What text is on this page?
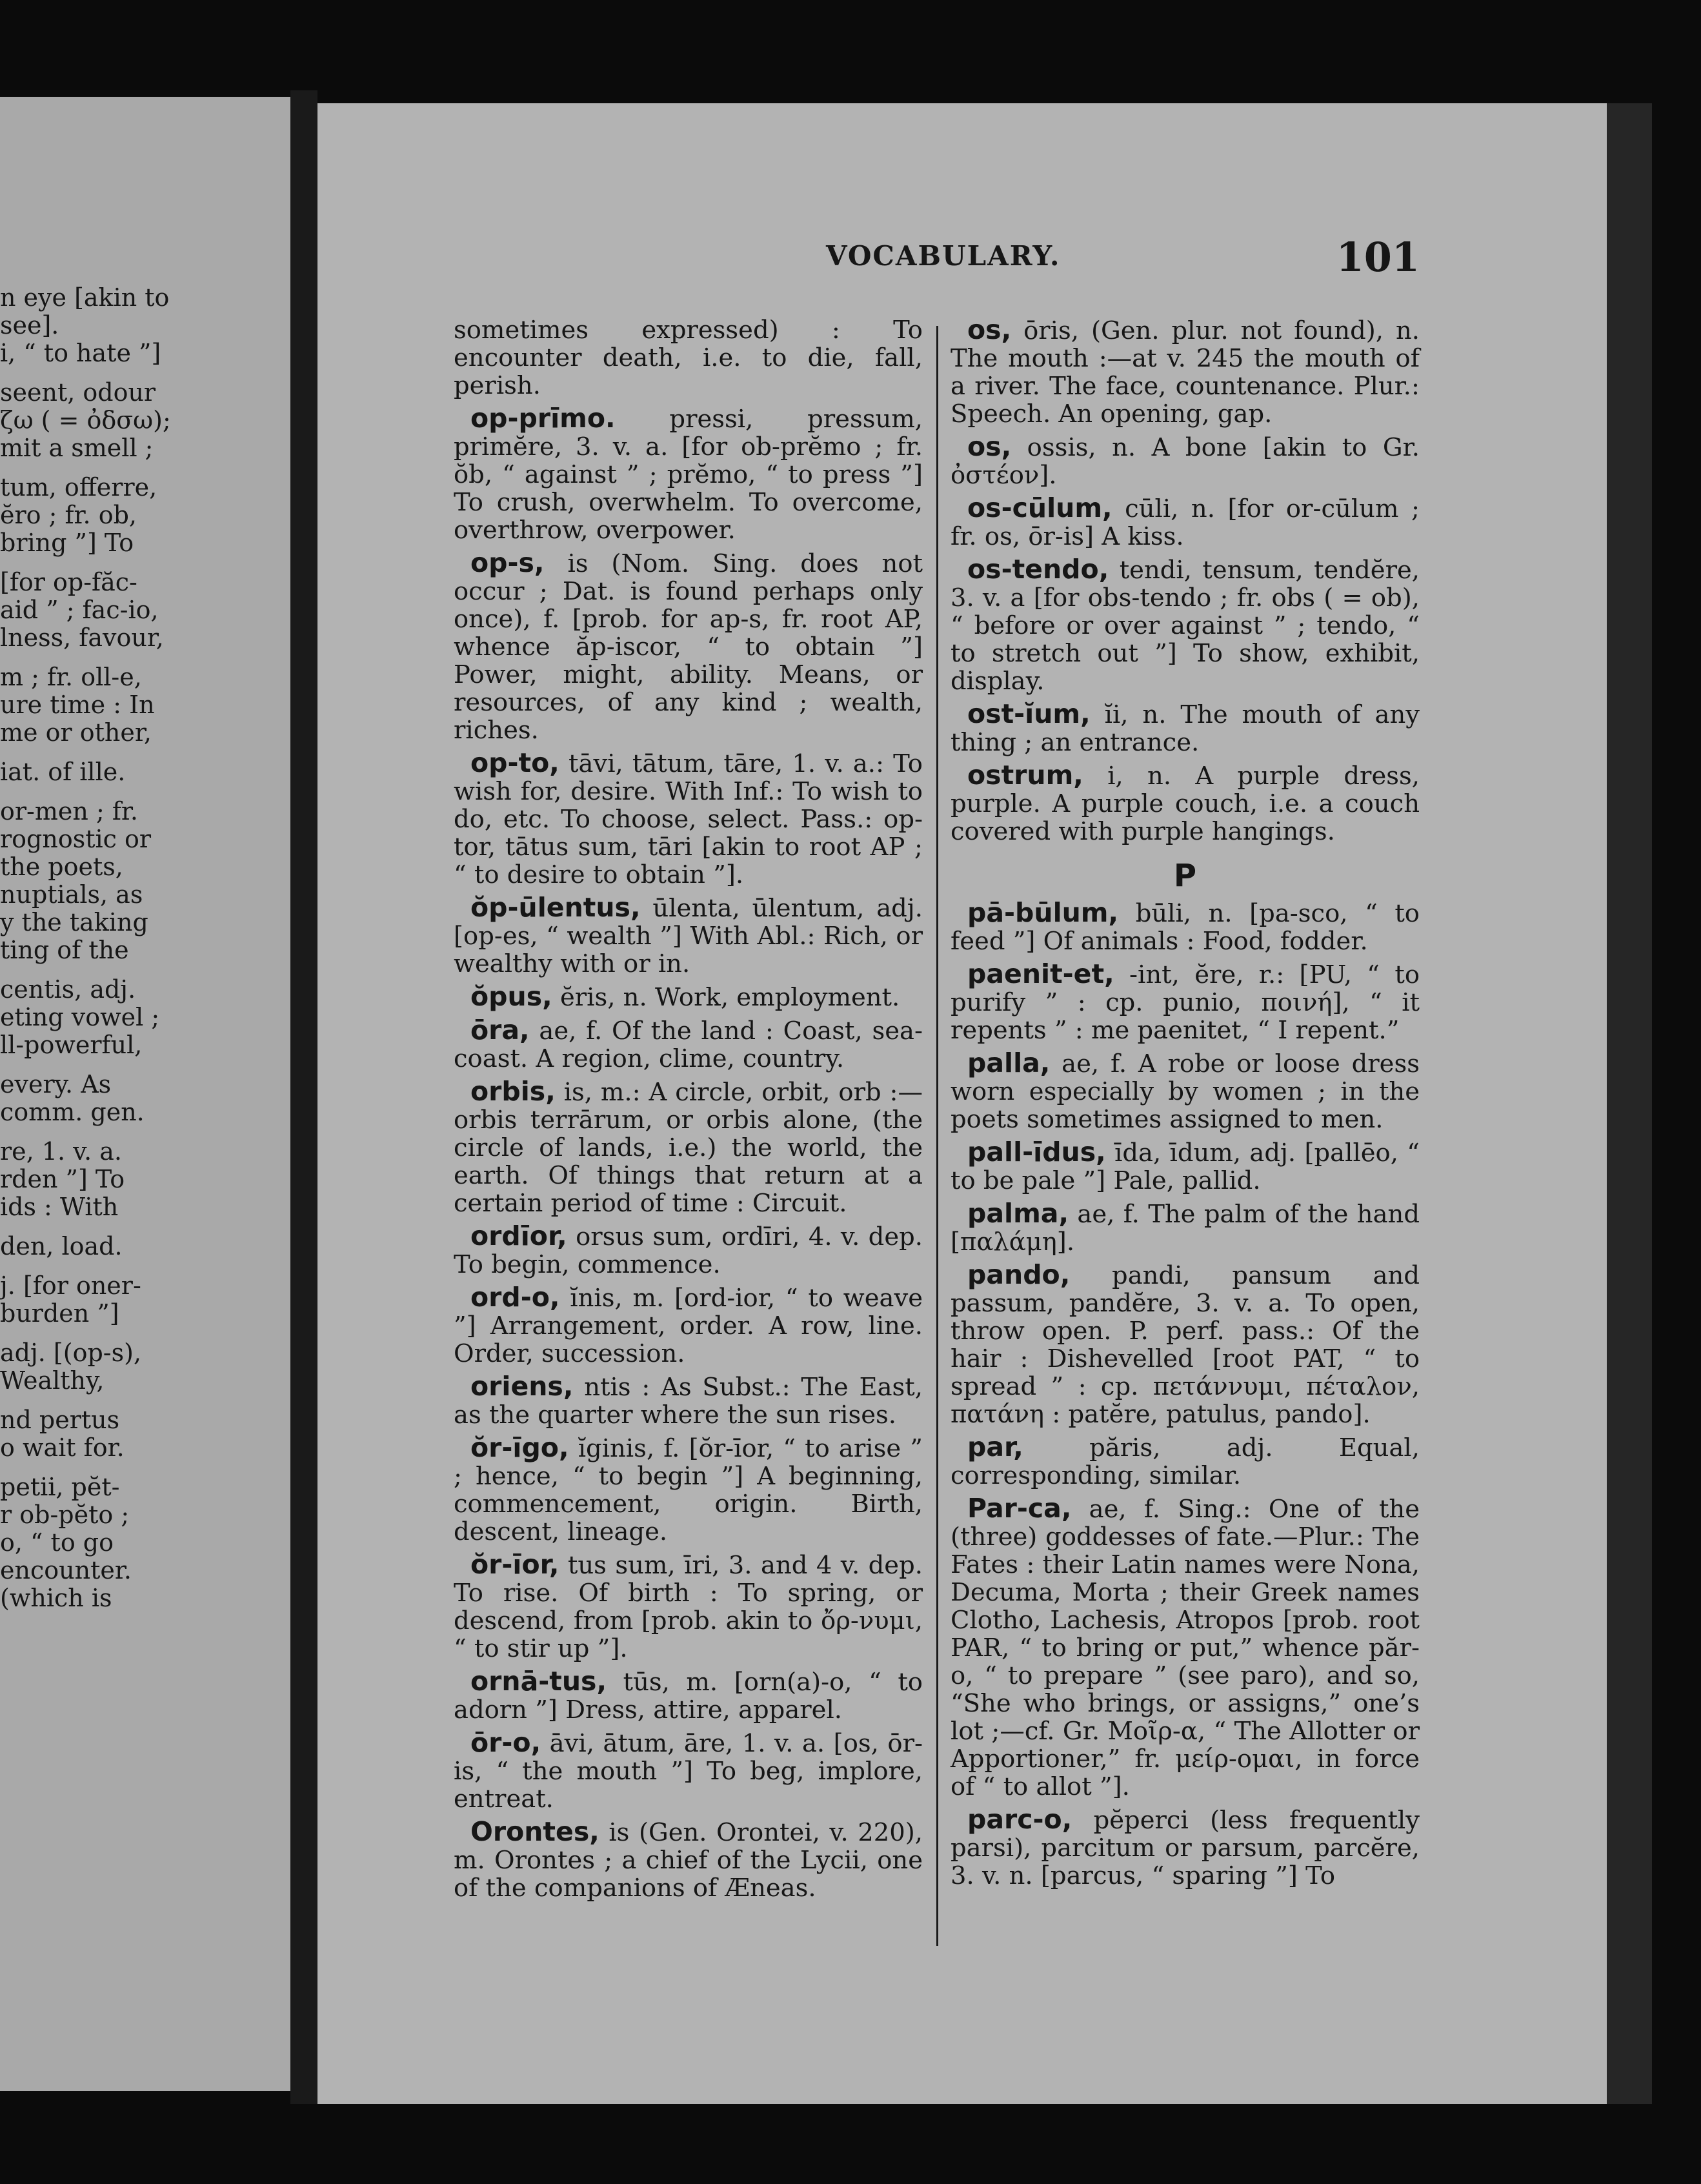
n eye [akin to

see].

i, “ to hate ”]

seent, odour

ζω ( = ὀδσω);

mit a smell ;

tum, offerre,

ĕro ; fr. ob,

bring ”] To

[for op-făc-

aid ” ; fac-io,

lness, favour,

m ; fr. oll-e,

ure time : In

me or other,

iat. of ille.

or-men ; fr.

rognostic or

the poets,

nuptials, as

y the taking

ting of the

centis, adj.

eting vowel ;

ll-powerful,

every. As

comm. gen.

re, 1. v. a.

rden ”] To

ids : With

den, load.

j. [for oner-

burden ”]

adj. [(op-s),

Wealthy,

nd pertus

o wait for.

petii, pĕt-

r ob-pĕto ;

o, “ to go

encounter.

(which is

VOCABULARY.	101

sometimes expressed) : To encounter death, i.e. to die, fall, perish.

op-prīmo. pressi, pressum, primĕre, 3. v. a. [for ob-prĕmo ; fr. ŏb, “ against ” ; prĕmo, “ to press ”] To crush, overwhelm. To overcome, overthrow, overpower.

op-s, is (Nom. Sing. does not occur ; Dat. is found perhaps only once), f. [prob. for ap-s, fr. root AP, whence ăp-iscor, “ to obtain ”] Power, might, ability. Means, or resources, of any kind ; wealth, riches.

op-to, tāvi, tātum, tāre, 1. v. a.: To wish for, desire. With Inf.: To wish to do, etc. To choose, select. Pass.: op-tor, tātus sum, tāri [akin to root AP ; “ to desire to obtain ”].

ŏp-ūlentus, ūlenta, ūlentum, adj. [op-es, “ wealth ”] With Abl.: Rich, or wealthy with or in.

ŏpus, ĕris, n. Work, employment.

ōra, ae, f. Of the land : Coast, sea-coast. A region, clime, country.

orbis, is, m.: A circle, orbit, orb :—orbis terrārum, or orbis alone, (the circle of lands, i.e.) the world, the earth. Of things that return at a certain period of time : Circuit.

ordīor, orsus sum, ordīri, 4. v. dep. To begin, commence.

ord-o, ĭnis, m. [ord-ior, “ to weave ”] Arrangement, order. A row, line. Order, succession.

oriens, ntis : As Subst.: The East, as the quarter where the sun rises.

ŏr-īgo, ĭginis, f. [ŏr-īor, “ to arise ” ; hence, “ to begin ”] A beginning, commencement, origin. Birth, descent, lineage.

ŏr-īor, tus sum, īri, 3. and 4 v. dep. To rise. Of birth : To spring, or descend, from [prob. akin to ὄρ-νυμι, “ to stir up ”].

ornā-tus, tūs, m. [orn(a)-o, “ to adorn ”] Dress, attire, apparel.

ōr-o, āvi, ātum, āre, 1. v. a. [os, ōr-is, “ the mouth ”] To beg, implore, entreat.

Orontes, is (Gen. Orontei, v. 220), m. Orontes ; a chief of the Lycii, one of the companions of Æneas.

os, ōris, (Gen. plur. not found), n. The mouth :—at v. 245 the mouth of a river. The face, countenance. Plur.: Speech. An opening, gap.

os, ossis, n. A bone [akin to Gr. ὀστέον].

os-cūlum, cūli, n. [for or-cūlum ; fr. os, ōr-is] A kiss.

os-tendo, tendi, tensum, tendĕre, 3. v. a [for obs-tendo ; fr. obs ( = ob), “ before or over against ” ; tendo, “ to stretch out ”] To show, exhibit, display.

ost-ĭum, ĭi, n. The mouth of any thing ; an entrance.

ostrum, i, n. A purple dress, purple. A purple couch, i.e. a couch covered with purple hangings.

P

pā-būlum, būli, n. [pa-sco, “ to feed ”] Of animals : Food, fodder.

paenit-et, -int, ĕre, r.: [PU, “ to purify ” : cp. punio, ποινή], “ it repents ” : me paenitet, “ I repent.”

palla, ae, f. A robe or loose dress worn especially by women ; in the poets sometimes assigned to men.

pall-īdus, īda, īdum, adj. [pallēo, “ to be pale ”] Pale, pallid.

palma, ae, f. The palm of the hand [παλάμη].

pando, pandi, pansum and passum, pandĕre, 3. v. a. To open, throw open. P. perf. pass.: Of the hair : Dishevelled [root PAT, “ to spread ” : cp. πετάννυμι, πέταλον, πατάνη : patĕre, patulus, pando].

par,	păris, adj. Equal, corresponding, similar.

Par-ca, ae, f. Sing.: One of the (three) goddesses of fate.—Plur.: The Fates : their Latin names were Nona, Decuma, Morta ; their Greek names Clotho, Lachesis, Atropos [prob. root PAR, “ to bring or put,” whence păr-o, “ to prepare ” (see paro), and so, “She who brings, or assigns,” one’s lot ;—cf. Gr. Μοῖρ-α, “ The Allotter or Apportioner,” fr. μείρ-ομαι, in force of “ to allot ”].

parc-o, pĕperci (less frequently parsi), parcitum or parsum, parcĕre, 3. v. n. [parcus, “ sparing ”] To
